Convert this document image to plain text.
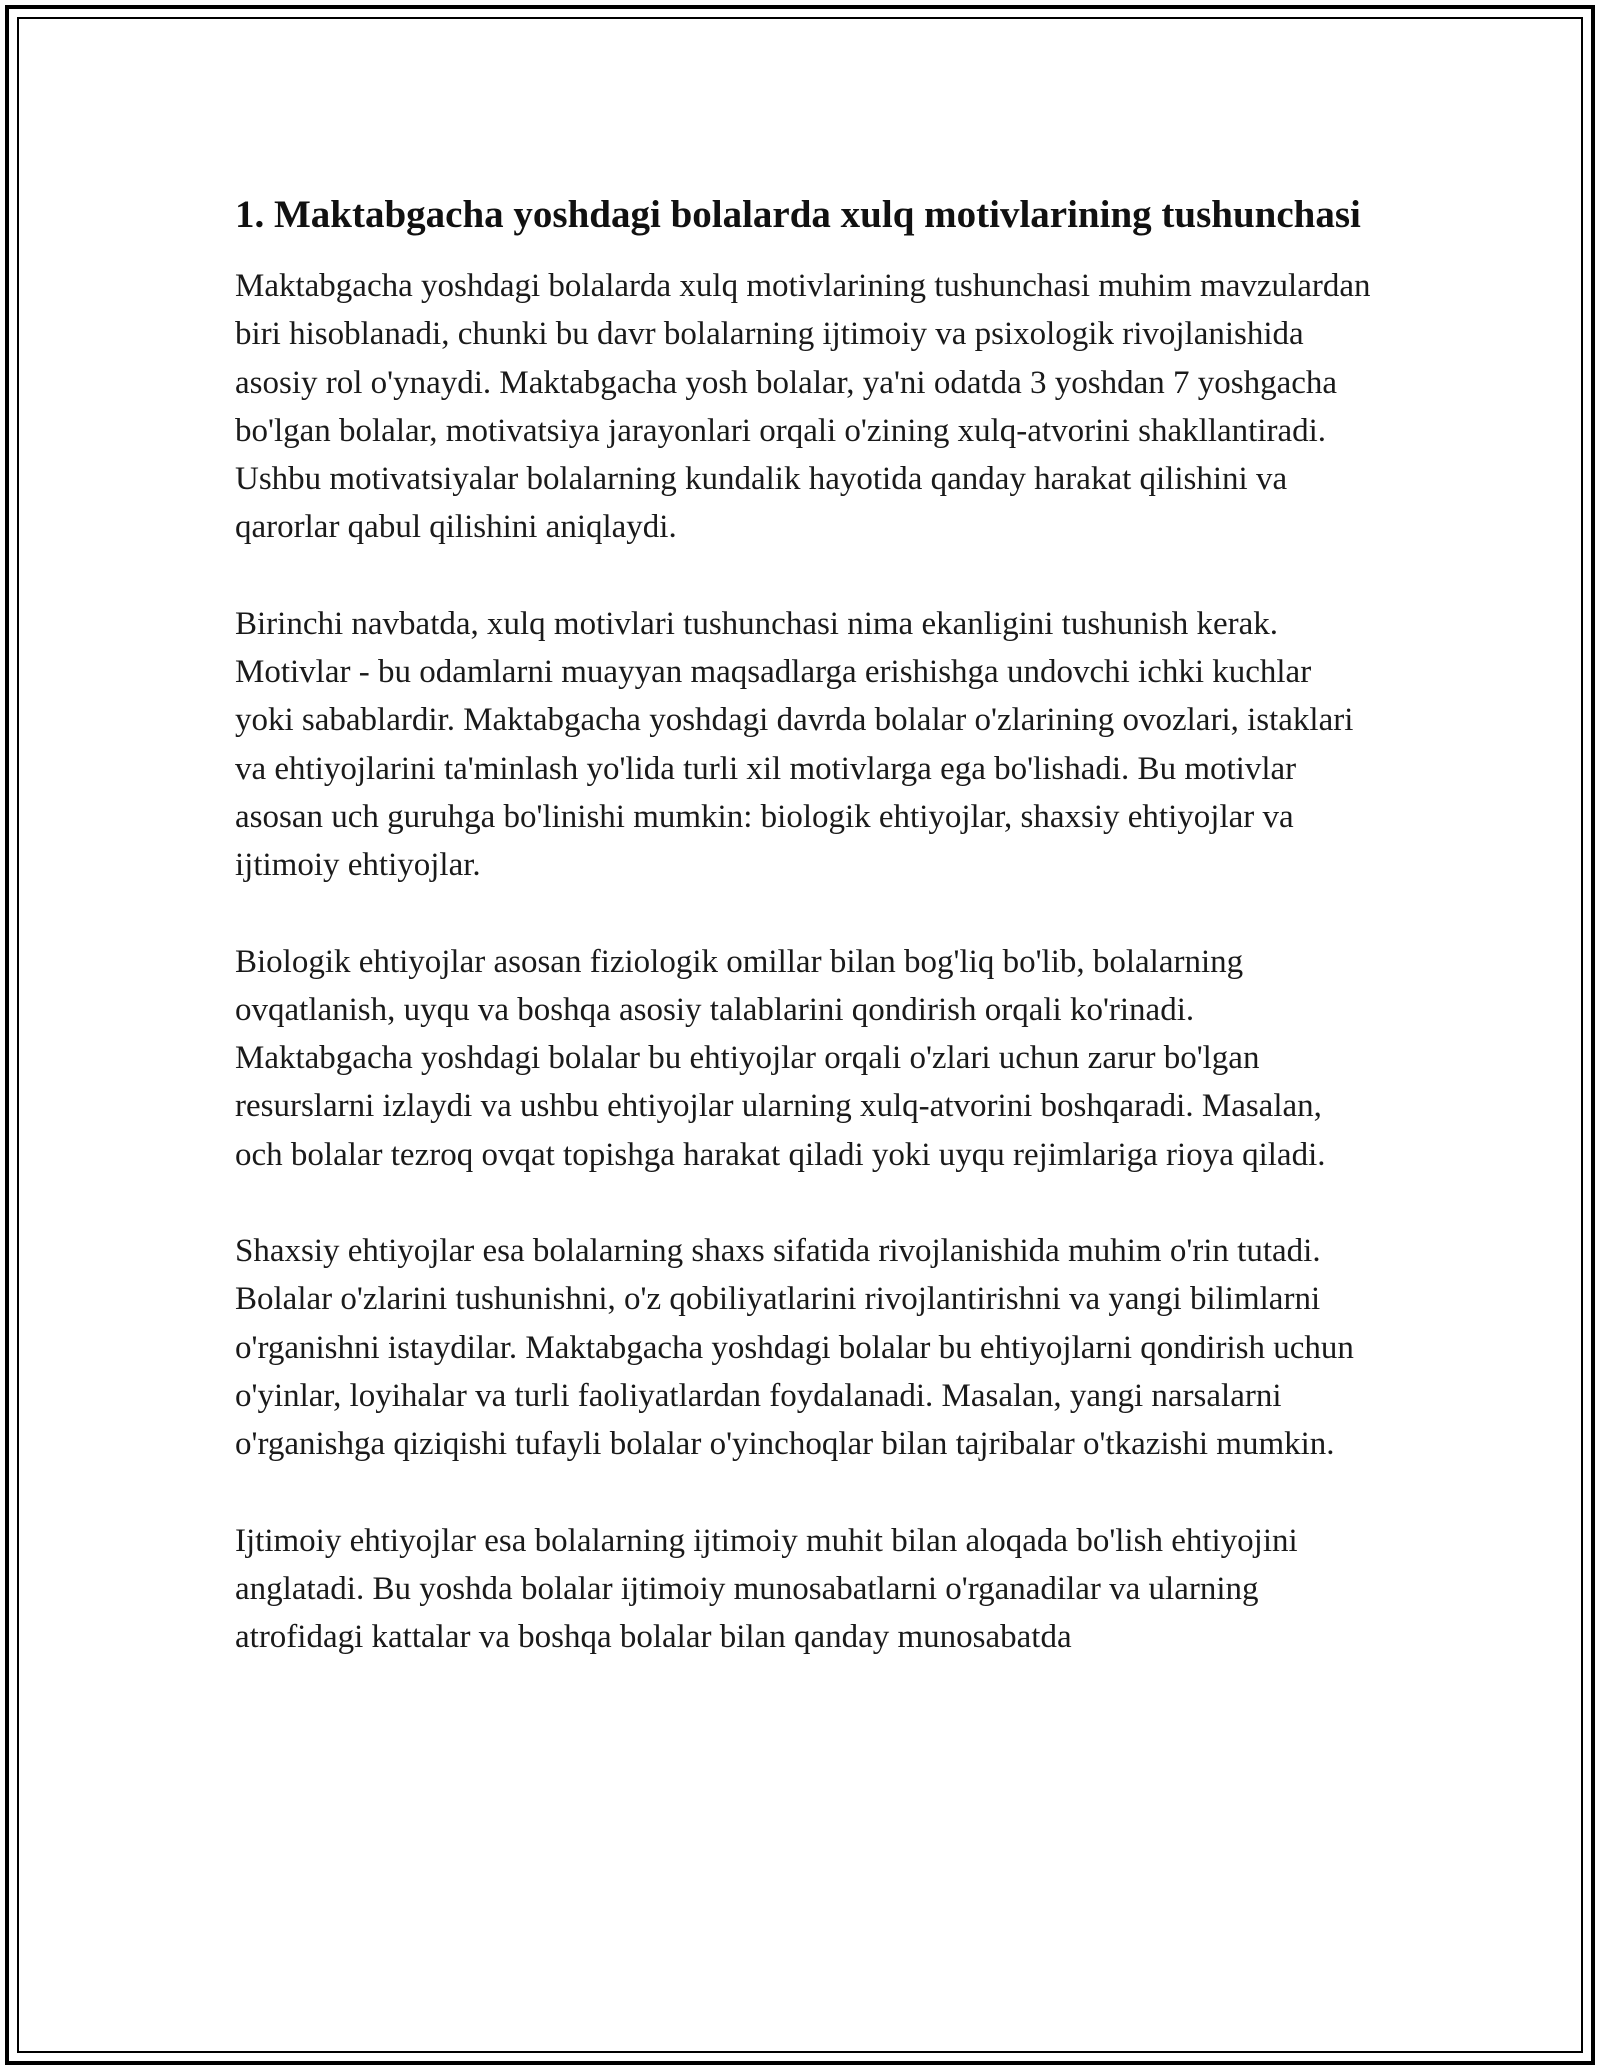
1. Maktabgacha yoshdagi bolalarda xulq motivlarining tushunchasi

Maktabgacha yoshdagi bolalarda xulq motivlarining tushunchasi muhim mavzulardan biri hisoblanadi, chunki bu davr bolalarning ijtimoiy va psixologik rivojlanishida asosiy rol o'ynaydi. Maktabgacha yosh bolalar, ya'ni odatda 3 yoshdan 7 yoshgacha bo'lgan bolalar, motivatsiya jarayonlari orqali o'zining xulq-atvorini shakllantiradi. Ushbu motivatsiyalar bolalarning kundalik hayotida qanday harakat qilishini va qarorlar qabul qilishini aniqlaydi.

Birinchi navbatda, xulq motivlari tushunchasi nima ekanligini tushunish kerak. Motivlar - bu odamlarni muayyan maqsadlarga erishishga undovchi ichki kuchlar yoki sabablardir. Maktabgacha yoshdagi davrda bolalar o'zlarining ovozlari, istaklari va ehtiyojlarini ta'minlash yo'lida turli xil motivlarga ega bo'lishadi. Bu motivlar asosan uch guruhga bo'linishi mumkin: biologik ehtiyojlar, shaxsiy ehtiyojlar va ijtimoiy ehtiyojlar.

Biologik ehtiyojlar asosan fiziologik omillar bilan bog'liq bo'lib, bolalarning ovqatlanish, uyqu va boshqa asosiy talablarini qondirish orqali ko'rinadi. Maktabgacha yoshdagi bolalar bu ehtiyojlar orqali o'zlari uchun zarur bo'lgan resurslarni izlaydi va ushbu ehtiyojlar ularning xulq-atvorini boshqaradi. Masalan, och bolalar tezroq ovqat topishga harakat qiladi yoki uyqu rejimlariga rioya qiladi.

Shaxsiy ehtiyojlar esa bolalarning shaxs sifatida rivojlanishida muhim o'rin tutadi. Bolalar o'zlarini tushunishni, o'z qobiliyatlarini rivojlantirishni va yangi bilimlarni o'rganishni istaydilar. Maktabgacha yoshdagi bolalar bu ehtiyojlarni qondirish uchun o'yinlar, loyihalar va turli faoliyatlardan foydalanadi. Masalan, yangi narsalarni o'rganishga qiziqishi tufayli bolalar o'yinchoqlar bilan tajribalar o'tkazishi mumkin.

Ijtimoiy ehtiyojlar esa bolalarning ijtimoiy muhit bilan aloqada bo'lish ehtiyojini anglatadi. Bu yoshda bolalar ijtimoiy munosabatlarni o'rganadilar va ularning atrofidagi kattalar va boshqa bolalar bilan qanday munosabatda
